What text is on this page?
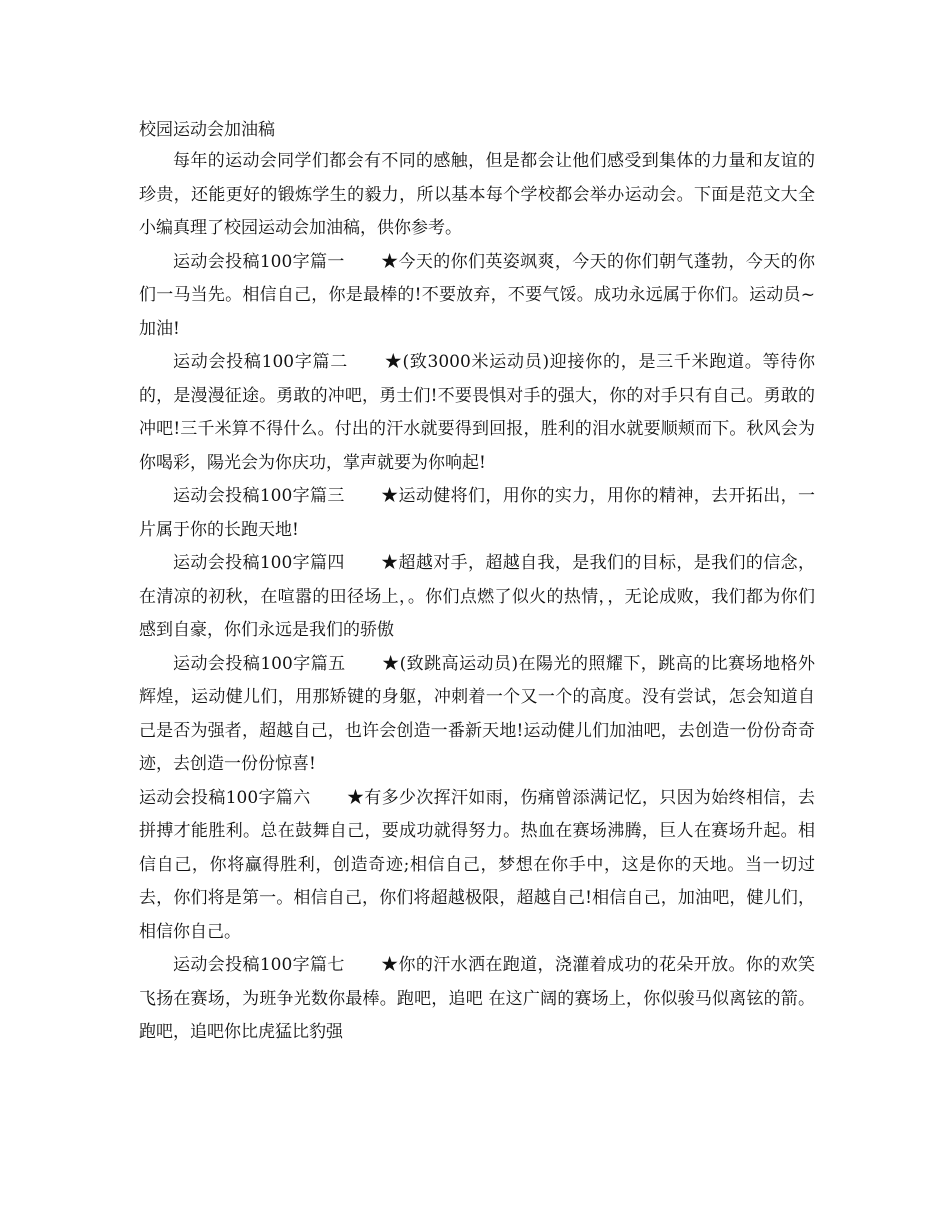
校园运动会加油稿

每年的运动会同学们都会有不同的感触，但是都会让他们感受到集体的力量和友谊的珍贵，还能更好的锻炼学生的毅力，所以基本每个学校都会举办运动会。下面是范文大全小编真理了校园运动会加油稿，供你参考。

运动会投稿100字篇一 ★今天的你们英姿飒爽，今天的你们朝气蓬勃，今天的你们一马当先。相信自己，你是最棒的!不要放弃，不要气馁。成功永远属于你们。运动员~加油!

运动会投稿100字篇二 ★(致3000米运动员)迎接你的，是三千米跑道。等待你的，是漫漫征途。勇敢的冲吧，勇士们!不要畏惧对手的强大，你的对手只有自己。勇敢的冲吧!三千米算不得什么。付出的汗水就要得到回报，胜利的泪水就要顺颊而下。秋风会为你喝彩，陽光会为你庆功，掌声就要为你响起!

运动会投稿100字篇三 ★运动健将们，用你的实力，用你的精神，去开拓出，一片属于你的长跑天地!

运动会投稿100字篇四 ★超越对手，超越自我，是我们的目标，是我们的信念，在清凉的初秋，在喧嚣的田径场上，。你们点燃了似火的热情，，无论成败，我们都为你们感到自豪，你们永远是我们的骄傲

运动会投稿100字篇五 ★(致跳高运动员)在陽光的照耀下，跳高的比赛场地格外辉煌，运动健儿们，用那矫键的身躯，冲刺着一个又一个的高度。没有尝试，怎会知道自己是否为强者，超越自己，也许会创造一番新天地!运动健儿们加油吧，去创造一份份奇奇迹，去创造一份份惊喜!

运动会投稿100字篇六 ★有多少次挥汗如雨，伤痛曾添满记忆，只因为始终相信，去拼搏才能胜利。总在鼓舞自己，要成功就得努力。热血在赛场沸腾，巨人在赛场升起。相信自己，你将赢得胜利，创造奇迹;相信自己，梦想在你手中，这是你的天地。当一切过去，你们将是第一。相信自己，你们将超越极限，超越自己!相信自己，加油吧，健儿们，相信你自己。

运动会投稿100字篇七 ★你的汗水洒在跑道，浇灌着成功的花朵开放。你的欢笑飞扬在赛场，为班争光数你最棒。跑吧，追吧 在这广阔的赛场上，你似骏马似离铉的箭。跑吧，追吧你比虎猛比豹强
